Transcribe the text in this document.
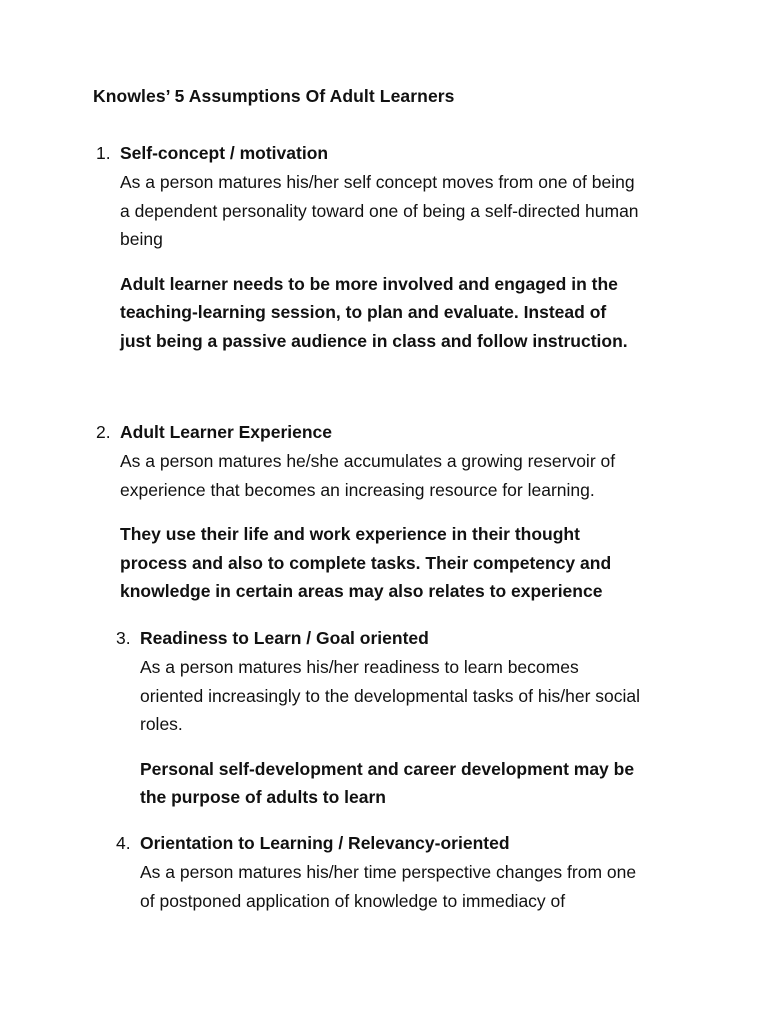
Knowles’ 5 Assumptions Of Adult Learners
1. Self-concept / motivation

As a person matures his/her self concept moves from one of being
a dependent personality toward one of being a self-directed human
being

Adult learner needs to be more involved and engaged in the
teaching-learning session, to plan and evaluate. Instead of
just being a passive audience in class and follow instruction.

2. Adult Learner Experience

As a person matures he/she accumulates a growing reservoir of
experience that becomes an increasing resource for learning.

They use their life and work experience in their thought
process and also to complete tasks. Their competency and
knowledge in certain areas may also relates to experience

3. Readiness to Learn / Goal oriented

As a person matures his/her readiness to learn becomes
oriented increasingly to the developmental tasks of his/her social
roles.

Personal self-development and career development may be
the purpose of adults to learn

4. Orientation to Learning / Relevancy-oriented

As a person matures his/her time perspective changes from one
of postponed application of knowledge to immediacy of
